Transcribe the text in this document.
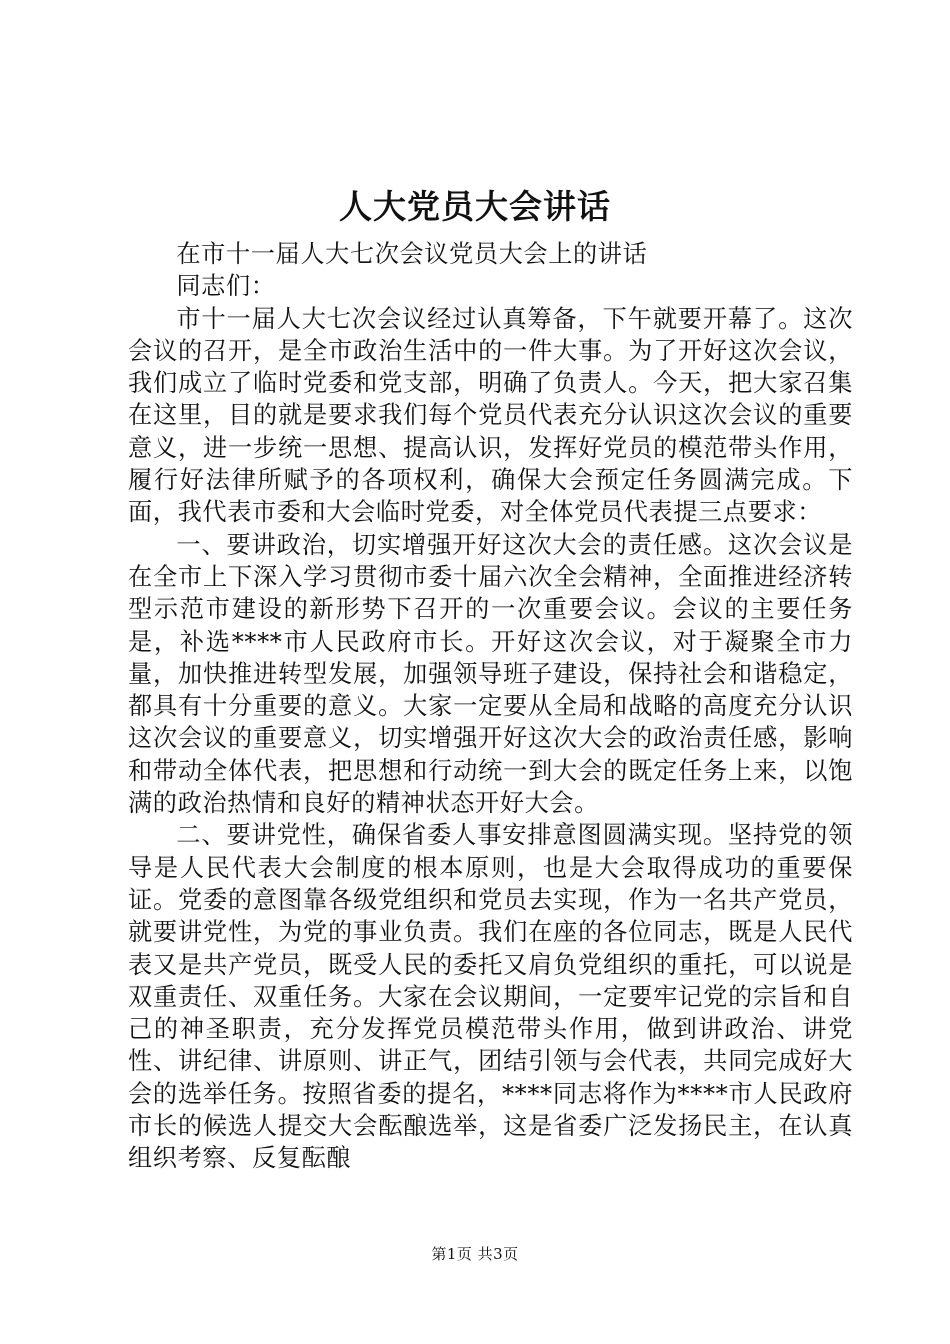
人大党员大会讲话

在市十一届人大七次会议党员大会上的讲话

同志们：

市十一届人大七次会议经过认真筹备，下午就要开幕了。这次会议的召开，是全市政治生活中的一件大事。为了开好这次会议，我们成立了临时党委和党支部，明确了负责人。今天，把大家召集在这里，目的就是要求我们每个党员代表充分认识这次会议的重要意义，进一步统一思想、提高认识，发挥好党员的模范带头作用，履行好法律所赋予的各项权利，确保大会预定任务圆满完成。下面，我代表市委和大会临时党委，对全体党员代表提三点要求：

一、要讲政治，切实增强开好这次大会的责任感。这次会议是在全市上下深入学习贯彻市委十届六次全会精神，全面推进经济转型示范市建设的新形势下召开的一次重要会议。会议的主要任务是，补选****市人民政府市长。开好这次会议，对于凝聚全市力量，加快推进转型发展，加强领导班子建设，保持社会和谐稳定，都具有十分重要的意义。大家一定要从全局和战略的高度充分认识这次会议的重要意义，切实增强开好这次大会的政治责任感，影响和带动全体代表，把思想和行动统一到大会的既定任务上来，以饱满的政治热情和良好的精神状态开好大会。

二、要讲党性，确保省委人事安排意图圆满实现。坚持党的领导是人民代表大会制度的根本原则，也是大会取得成功的重要保证。党委的意图靠各级党组织和党员去实现，作为一名共产党员，就要讲党性，为党的事业负责。我们在座的各位同志，既是人民代表又是共产党员，既受人民的委托又肩负党组织的重托，可以说是双重责任、双重任务。大家在会议期间，一定要牢记党的宗旨和自己的神圣职责，充分发挥党员模范带头作用，做到讲政治、讲党性、讲纪律、讲原则、讲正气，团结引领与会代表，共同完成好大会的选举任务。按照省委的提名，****同志将作为****市人民政府市长的候选人提交大会酝酿选举，这是省委广泛发扬民主，在认真组织考察、反复酝酿

第1页 共3页
